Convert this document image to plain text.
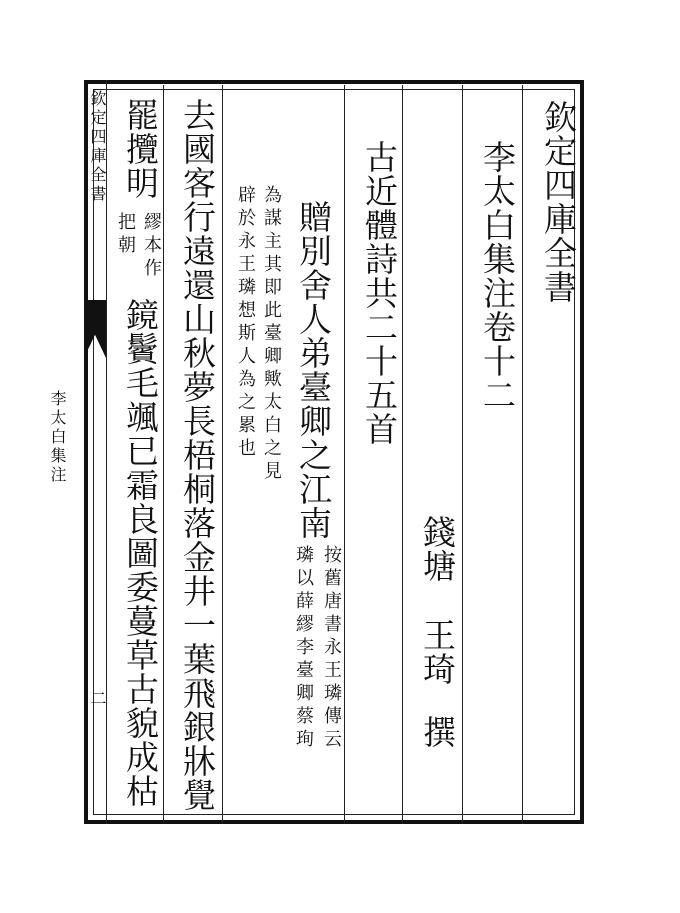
欽定四庫全書

李太白集注

二

欽定四庫全書

李太白集注卷十二

錢塘

王琦

撰

古近體詩共二十五首

贈別舍人弟臺卿之江南

按舊唐書永王璘傳云

璘以薛繆李臺卿蔡珣

為謀主其即此臺卿歟太白之見

辟於永王璘想斯人為之累也

去國客行遠還山秋夢長梧桐落金井一葉飛銀牀覺

罷攬明

繆本作

把朝

鏡鬢毛颯已霜良圖委蔓草古貌成枯
